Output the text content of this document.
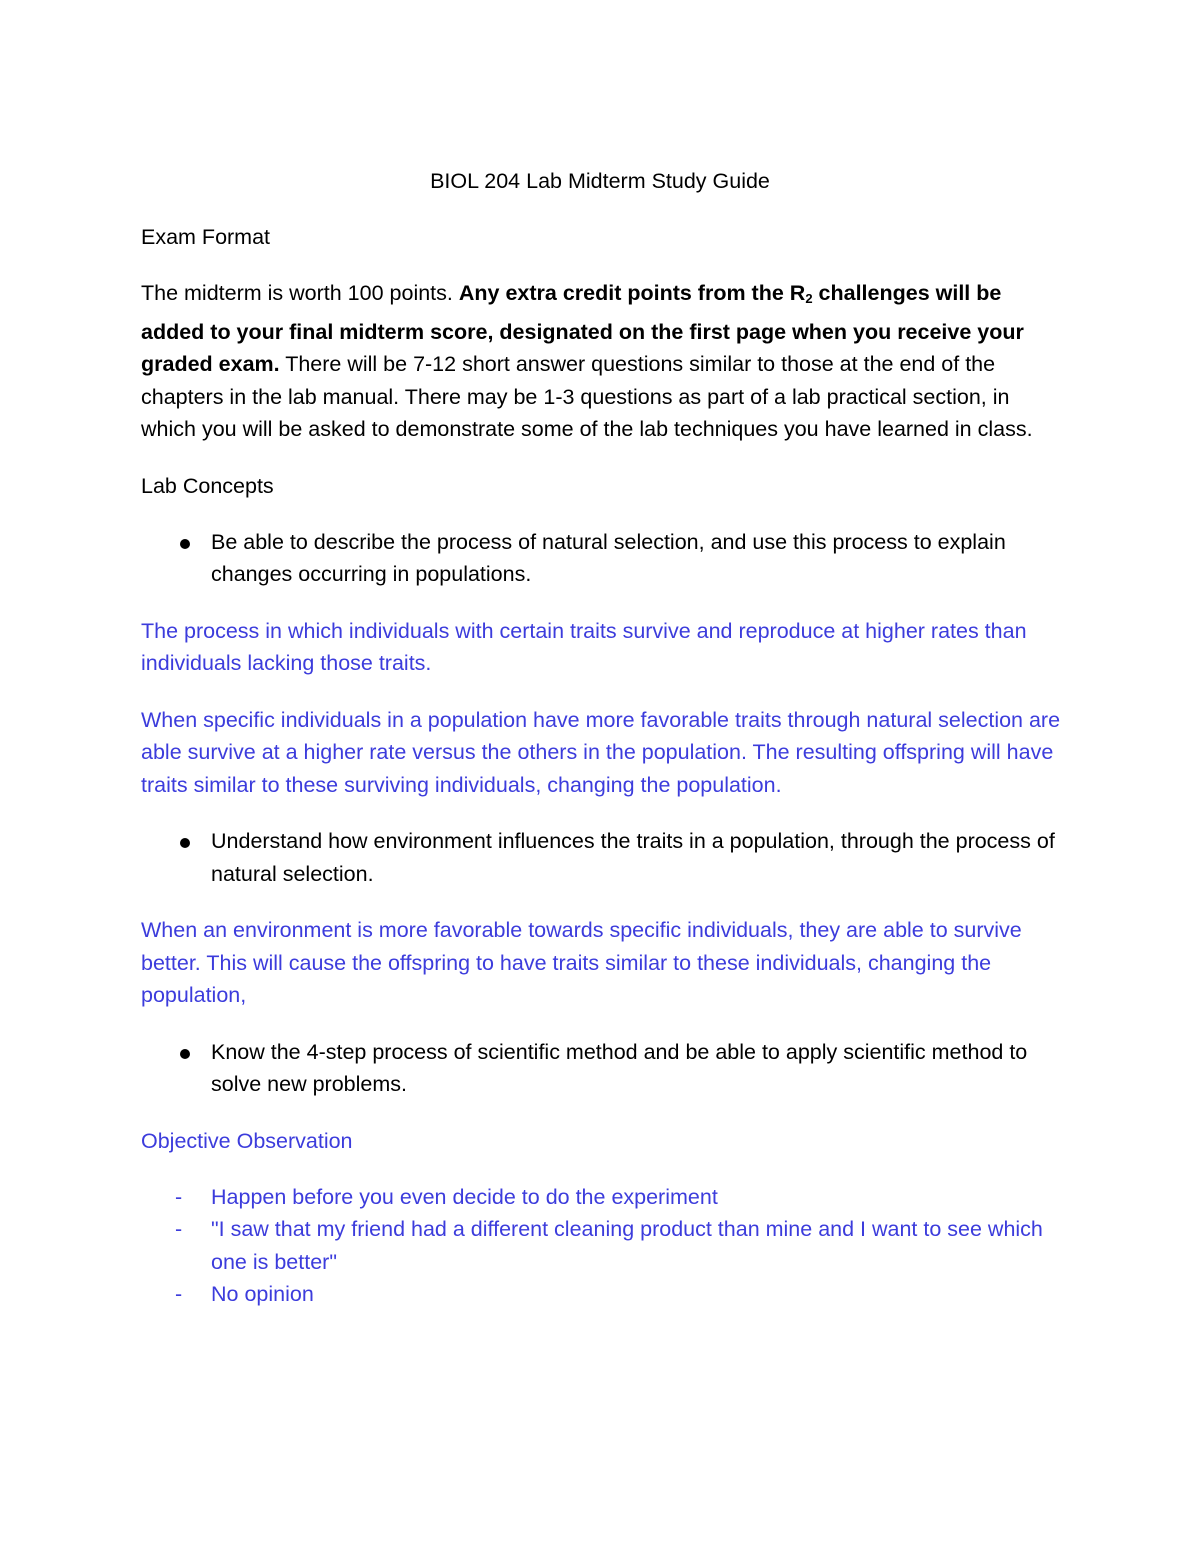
BIOL 204 Lab Midterm Study Guide
Exam Format

The midterm is worth 100 points. Any extra credit points from the $R_2$ challenges will be added to your final midterm score, designated on the first page when you receive your graded exam. There will be 7-12 short answer questions similar to those at the end of the chapters in the lab manual. There may be 1-3 questions as part of a lab practical section, in which you will be asked to demonstrate some of the lab techniques you have learned in class.

Lab Concepts
Be able to describe the process of natural selection, and use this process to explain changes occurring in populations.

The process in which individuals with certain traits survive and reproduce at higher rates than individuals lacking those traits.

When specific individuals in a population have more favorable traits through natural selection are able survive at a higher rate versus the others in the population. The resulting offspring will have traits similar to these surviving individuals, changing the population.

Understand how environment influences the traits in a population, through the process of natural selection.

When an environment is more favorable towards specific individuals, they are able to survive better. This will cause the offspring to have traits similar to these individuals, changing the population,

Know the 4-step process of scientific method and be able to apply scientific method to solve new problems.
Objective Observation
- Happen before you even decide to do the experiment
- "I saw that my friend had a different cleaning product than mine and I want to see which one is better"
- No opinion
